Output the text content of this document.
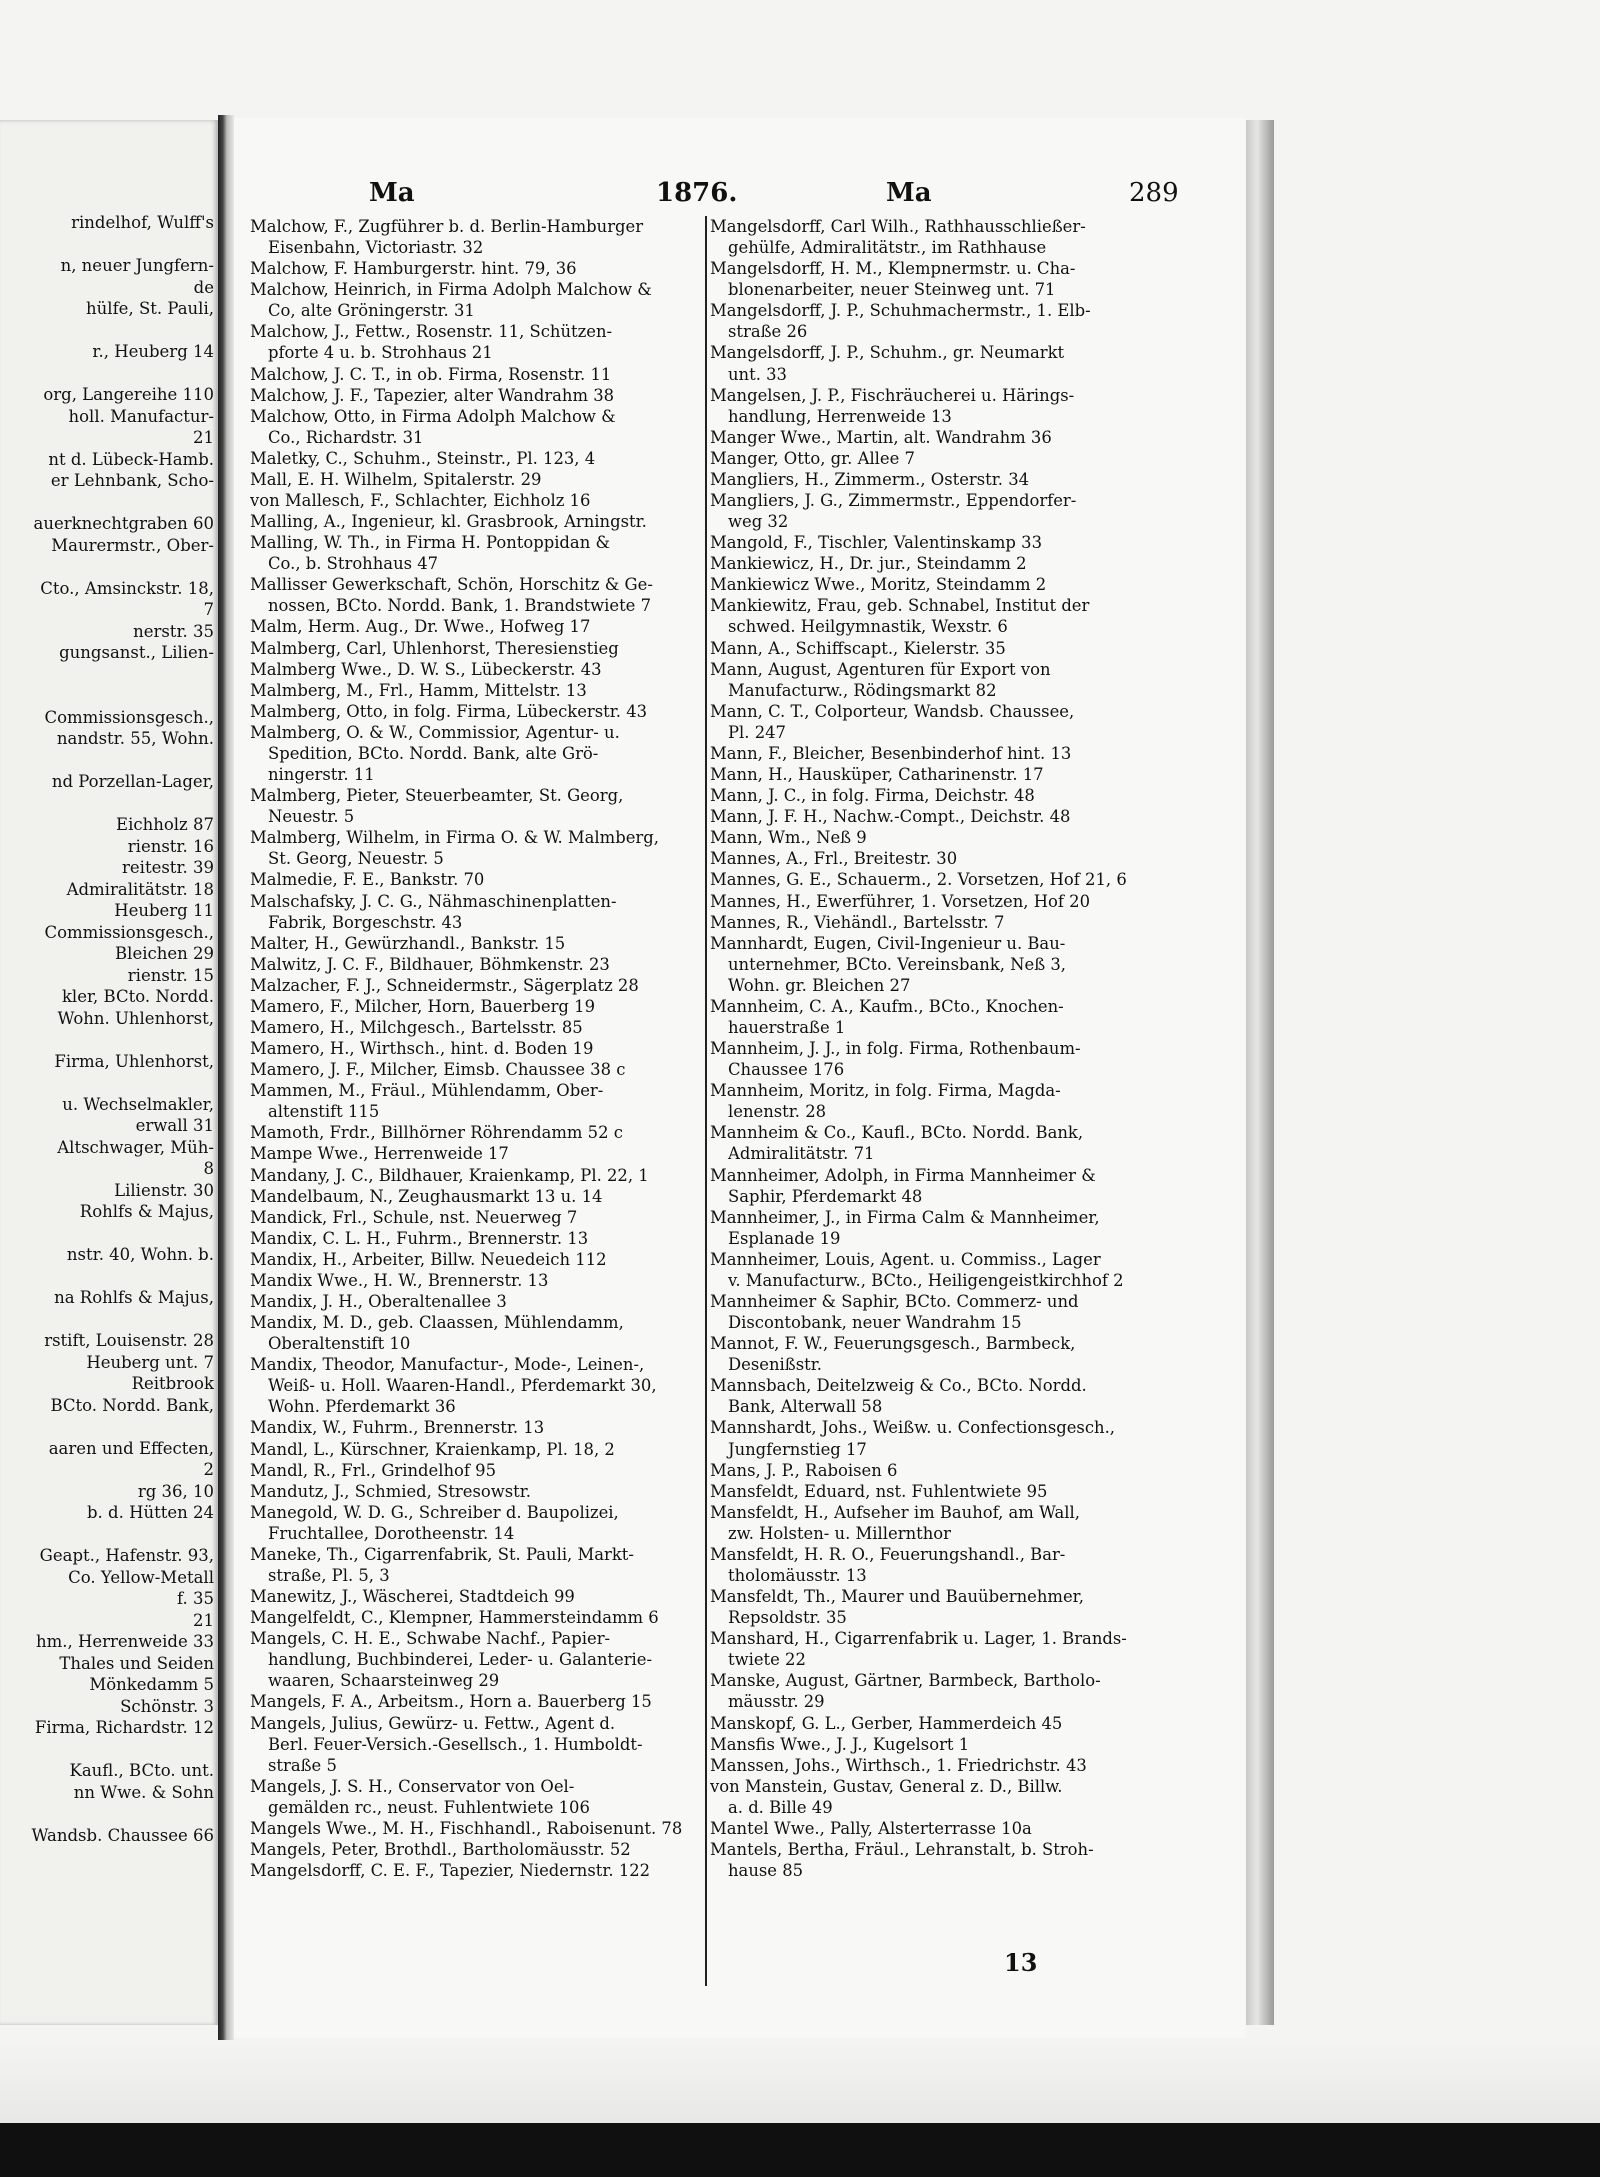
rindelhof, Wulff's
n, neuer Jungfern-
de
hülfe, St. Pauli,
r., Heuberg 14
org, Langereihe 110
holl. Manufactur-
21
nt d. Lübeck-Hamb.
er Lehnbank, Scho-
auerknechtgraben 60
Maurermstr., Ober-
Cto., Amsinckstr. 18,
7
nerstr. 35
gungsanst., Lilien-
Commissionsgesch.,
nandstr. 55, Wohn.
nd Porzellan-Lager,
Eichholz 87
rienstr. 16
reitestr. 39
Admiralitätstr. 18
Heuberg 11
Commissionsgesch.,
Bleichen 29
rienstr. 15
kler, BCto. Nordd.
Wohn. Uhlenhorst,
Firma, Uhlenhorst,
u. Wechselmakler,
erwall 31
Altschwager, Müh-
8
Lilienstr. 30
Rohlfs & Majus,
nstr. 40, Wohn. b.
na Rohlfs & Majus,
rstift, Louisenstr. 28
Heuberg unt. 7
Reitbrook
BCto. Nordd. Bank,
aaren und Effecten,
2
rg 36, 10
b. d. Hütten 24
Geapt., Hafenstr. 93,
Co. Yellow-Metall
f. 35
21
hm., Herrenweide 33
Thales und Seiden
Mönkedamm 5
Schönstr. 3
Firma, Richardstr. 12
Kaufl., BCto. unt.
nn Wwe. & Sohn
Wandsb. Chaussee 66
Ma	1876.	Ma	289
Malchow, F., Zugführer b. d. Berlin-Hamburger
Eisenbahn, Victoriastr. 32
Malchow, F. Hamburgerstr. hint. 79, 36
Malchow, Heinrich, in Firma Adolph Malchow &
Co, alte Gröningerstr. 31
Malchow, J., Fettw., Rosenstr. 11, Schützen-
pforte 4 u. b. Strohhaus 21
Malchow, J. C. T., in ob. Firma, Rosenstr. 11
Malchow, J. F., Tapezier, alter Wandrahm 38
Malchow, Otto, in Firma Adolph Malchow &
Co., Richardstr. 31
Maletky, C., Schuhm., Steinstr., Pl. 123, 4
Mall, E. H. Wilhelm, Spitalerstr. 29
von Mallesch, F., Schlachter, Eichholz 16
Malling, A., Ingenieur, kl. Grasbrook, Arningstr.
Malling, W. Th., in Firma H. Pontoppidan &
Co., b. Strohhaus 47
Mallisser Gewerkschaft, Schön, Horschitz & Ge-
nossen, BCto. Nordd. Bank, 1. Brandstwiete 7
Malm, Herm. Aug., Dr. Wwe., Hofweg 17
Malmberg, Carl, Uhlenhorst, Theresienstieg
Malmberg Wwe., D. W. S., Lübeckerstr. 43
Malmberg, M., Frl., Hamm, Mittelstr. 13
Malmberg, Otto, in folg. Firma, Lübeckerstr. 43
Malmberg, O. & W., Commissior, Agentur- u.
Spedition, BCto. Nordd. Bank, alte Grö-
ningerstr. 11
Malmberg, Pieter, Steuerbeamter, St. Georg,
Neuestr. 5
Malmberg, Wilhelm, in Firma O. & W. Malmberg,
St. Georg, Neuestr. 5
Malmedie, F. E., Bankstr. 70
Malschafsky, J. C. G., Nähmaschinenplatten-
Fabrik, Borgeschstr. 43
Malter, H., Gewürzhandl., Bankstr. 15
Malwitz, J. C. F., Bildhauer, Böhmkenstr. 23
Malzacher, F. J., Schneidermstr., Sägerplatz 28
Mamero, F., Milcher, Horn, Bauerberg 19
Mamero, H., Milchgesch., Bartelsstr. 85
Mamero, H., Wirthsch., hint. d. Boden 19
Mamero, J. F., Milcher, Eimsb. Chaussee 38 c
Mammen, M., Fräul., Mühlendamm, Ober-
altenstift 115
Mamoth, Frdr., Billhörner Röhrendamm 52 c
Mampe Wwe., Herrenweide 17
Mandany, J. C., Bildhauer, Kraienkamp, Pl. 22, 1
Mandelbaum, N., Zeughausmarkt 13 u. 14
Mandick, Frl., Schule, nst. Neuerweg 7
Mandix, C. L. H., Fuhrm., Brennerstr. 13
Mandix, H., Arbeiter, Billw. Neuedeich 112
Mandix Wwe., H. W., Brennerstr. 13
Mandix, J. H., Oberaltenallee 3
Mandix, M. D., geb. Claassen, Mühlendamm,
Oberaltenstift 10
Mandix, Theodor, Manufactur-, Mode-, Leinen-,
Weiß- u. Holl. Waaren-Handl., Pferdemarkt 30,
Wohn. Pferdemarkt 36
Mandix, W., Fuhrm., Brennerstr. 13
Mandl, L., Kürschner, Kraienkamp, Pl. 18, 2
Mandl, R., Frl., Grindelhof 95
Mandutz, J., Schmied, Stresowstr.
Manegold, W. D. G., Schreiber d. Baupolizei,
Fruchtallee, Dorotheenstr. 14
Maneke, Th., Cigarrenfabrik, St. Pauli, Markt-
straße, Pl. 5, 3
Manewitz, J., Wäscherei, Stadtdeich 99
Mangelfeldt, C., Klempner, Hammersteindamm 6
Mangels, C. H. E., Schwabe Nachf., Papier-
handlung, Buchbinderei, Leder- u. Galanterie-
waaren, Schaarsteinweg 29
Mangels, F. A., Arbeitsm., Horn a. Bauerberg 15
Mangels, Julius, Gewürz- u. Fettw., Agent d.
Berl. Feuer-Versich.-Gesellsch., 1. Humboldt-
straße 5
Mangels, J. S. H., Conservator von Oel-
gemälden rc., neust. Fuhlentwiete 106
Mangels Wwe., M. H., Fischhandl., Raboisenunt. 78
Mangels, Peter, Brothdl., Bartholomäusstr. 52
Mangelsdorff, C. E. F., Tapezier, Niedernstr. 122
Mangelsdorff, Carl Wilh., Rathhausschließer-
gehülfe, Admiralitätstr., im Rathhause
Mangelsdorff, H. M., Klempnermstr. u. Cha-
blonenarbeiter, neuer Steinweg unt. 71
Mangelsdorff, J. P., Schuhmachermstr., 1. Elb-
straße 26
Mangelsdorff, J. P., Schuhm., gr. Neumarkt
unt. 33
Mangelsen, J. P., Fischräucherei u. Härings-
handlung, Herrenweide 13
Manger Wwe., Martin, alt. Wandrahm 36
Manger, Otto, gr. Allee 7
Mangliers, H., Zimmerm., Osterstr. 34
Mangliers, J. G., Zimmermstr., Eppendorfer-
weg 32
Mangold, F., Tischler, Valentinskamp 33
Mankiewicz, H., Dr. jur., Steindamm 2
Mankiewicz Wwe., Moritz, Steindamm 2
Mankiewitz, Frau, geb. Schnabel, Institut der
schwed. Heilgymnastik, Wexstr. 6
Mann, A., Schiffscapt., Kielerstr. 35
Mann, August, Agenturen für Export von
Manufacturw., Rödingsmarkt 82
Mann, C. T., Colporteur, Wandsb. Chaussee,
Pl. 247
Mann, F., Bleicher, Besenbinderhof hint. 13
Mann, H., Hausküper, Catharinenstr. 17
Mann, J. C., in folg. Firma, Deichstr. 48
Mann, J. F. H., Nachw.-Compt., Deichstr. 48
Mann, Wm., Neß 9
Mannes, A., Frl., Breitestr. 30
Mannes, G. E., Schauerm., 2. Vorsetzen, Hof 21, 6
Mannes, H., Ewerführer, 1. Vorsetzen, Hof 20
Mannes, R., Viehändl., Bartelsstr. 7
Mannhardt, Eugen, Civil-Ingenieur u. Bau-
unternehmer, BCto. Vereinsbank, Neß 3,
Wohn. gr. Bleichen 27
Mannheim, C. A., Kaufm., BCto., Knochen-
hauerstraße 1
Mannheim, J. J., in folg. Firma, Rothenbaum-
Chaussee 176
Mannheim, Moritz, in folg. Firma, Magda-
lenenstr. 28
Mannheim & Co., Kaufl., BCto. Nordd. Bank,
Admiralitätstr. 71
Mannheimer, Adolph, in Firma Mannheimer &
Saphir, Pferdemarkt 48
Mannheimer, J., in Firma Calm & Mannheimer,
Esplanade 19
Mannheimer, Louis, Agent. u. Commiss., Lager
v. Manufacturw., BCto., Heiligengeistkirchhof 2
Mannheimer & Saphir, BCto. Commerz- und
Discontobank, neuer Wandrahm 15
Mannot, F. W., Feuerungsgesch., Barmbeck,
Desenißstr.
Mannsbach, Deitelzweig & Co., BCto. Nordd.
Bank, Alterwall 58
Mannshardt, Johs., Weißw. u. Confectionsgesch.,
Jungfernstieg 17
Mans, J. P., Raboisen 6
Mansfeldt, Eduard, nst. Fuhlentwiete 95
Mansfeldt, H., Aufseher im Bauhof, am Wall,
zw. Holsten- u. Millernthor
Mansfeldt, H. R. O., Feuerungshandl., Bar-
tholomäusstr. 13
Mansfeldt, Th., Maurer und Bauübernehmer,
Repsoldstr. 35
Manshard, H., Cigarrenfabrik u. Lager, 1. Brands-
twiete 22
Manske, August, Gärtner, Barmbeck, Bartholo-
mäusstr. 29
Manskopf, G. L., Gerber, Hammerdeich 45
Mansfis Wwe., J. J., Kugelsort 1
Manssen, Johs., Wirthsch., 1. Friedrichstr. 43
von Manstein, Gustav, General z. D., Billw.
a. d. Bille 49
Mantel Wwe., Pally, Alsterterrasse 10a
Mantels, Bertha, Fräul., Lehranstalt, b. Stroh-
hause 85
13
